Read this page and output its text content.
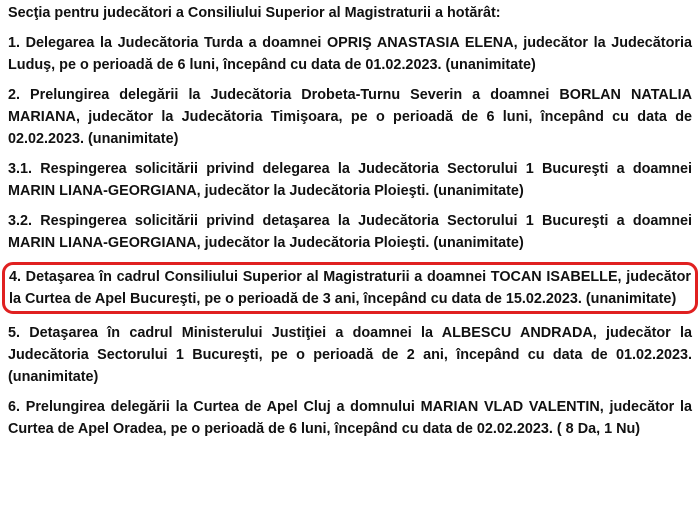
Secţia pentru judecători a Consiliului Superior al Magistraturii a hotărât:
1. Delegarea la Judecătoria Turda a doamnei OPRIŞ ANASTASIA ELENA, judecător la Judecătoria Luduş, pe o perioadă de 6 luni, începând cu data de 01.02.2023. (unanimitate)
2. Prelungirea delegării la Judecătoria Drobeta-Turnu Severin a doamnei BORLAN NATALIA MARIANA, judecător la Judecătoria Timişoara, pe o perioadă de 6 luni, începând cu data de 02.02.2023. (unanimitate)
3.1. Respingerea solicitării privind delegarea la Judecătoria Sectorului 1 Bucureşti a doamnei MARIN LIANA-GEORGIANA, judecător la Judecătoria Ploieşti. (unanimitate)
3.2. Respingerea solicitării privind detaşarea la Judecătoria Sectorului 1 Bucureşti a doamnei MARIN LIANA-GEORGIANA, judecător la Judecătoria Ploieşti. (unanimitate)
4. Detaşarea în cadrul Consiliului Superior al Magistraturii a doamnei TOCAN ISABELLE, judecător la Curtea de Apel Bucureşti, pe o perioadă de 3 ani, începând cu data de 15.02.2023. (unanimitate)
5. Detaşarea în cadrul Ministerului Justiţiei a doamnei la ALBESCU ANDRADA, judecător la Judecătoria Sectorului 1 Bucureşti, pe o perioadă de 2 ani, începând cu data de 01.02.2023. (unanimitate)
6. Prelungirea delegării la Curtea de Apel Cluj a domnului MARIAN VLAD VALENTIN, judecător la Curtea de Apel Oradea, pe o perioadă de 6 luni, începând cu data de 02.02.2023. ( 8 Da, 1 Nu)
